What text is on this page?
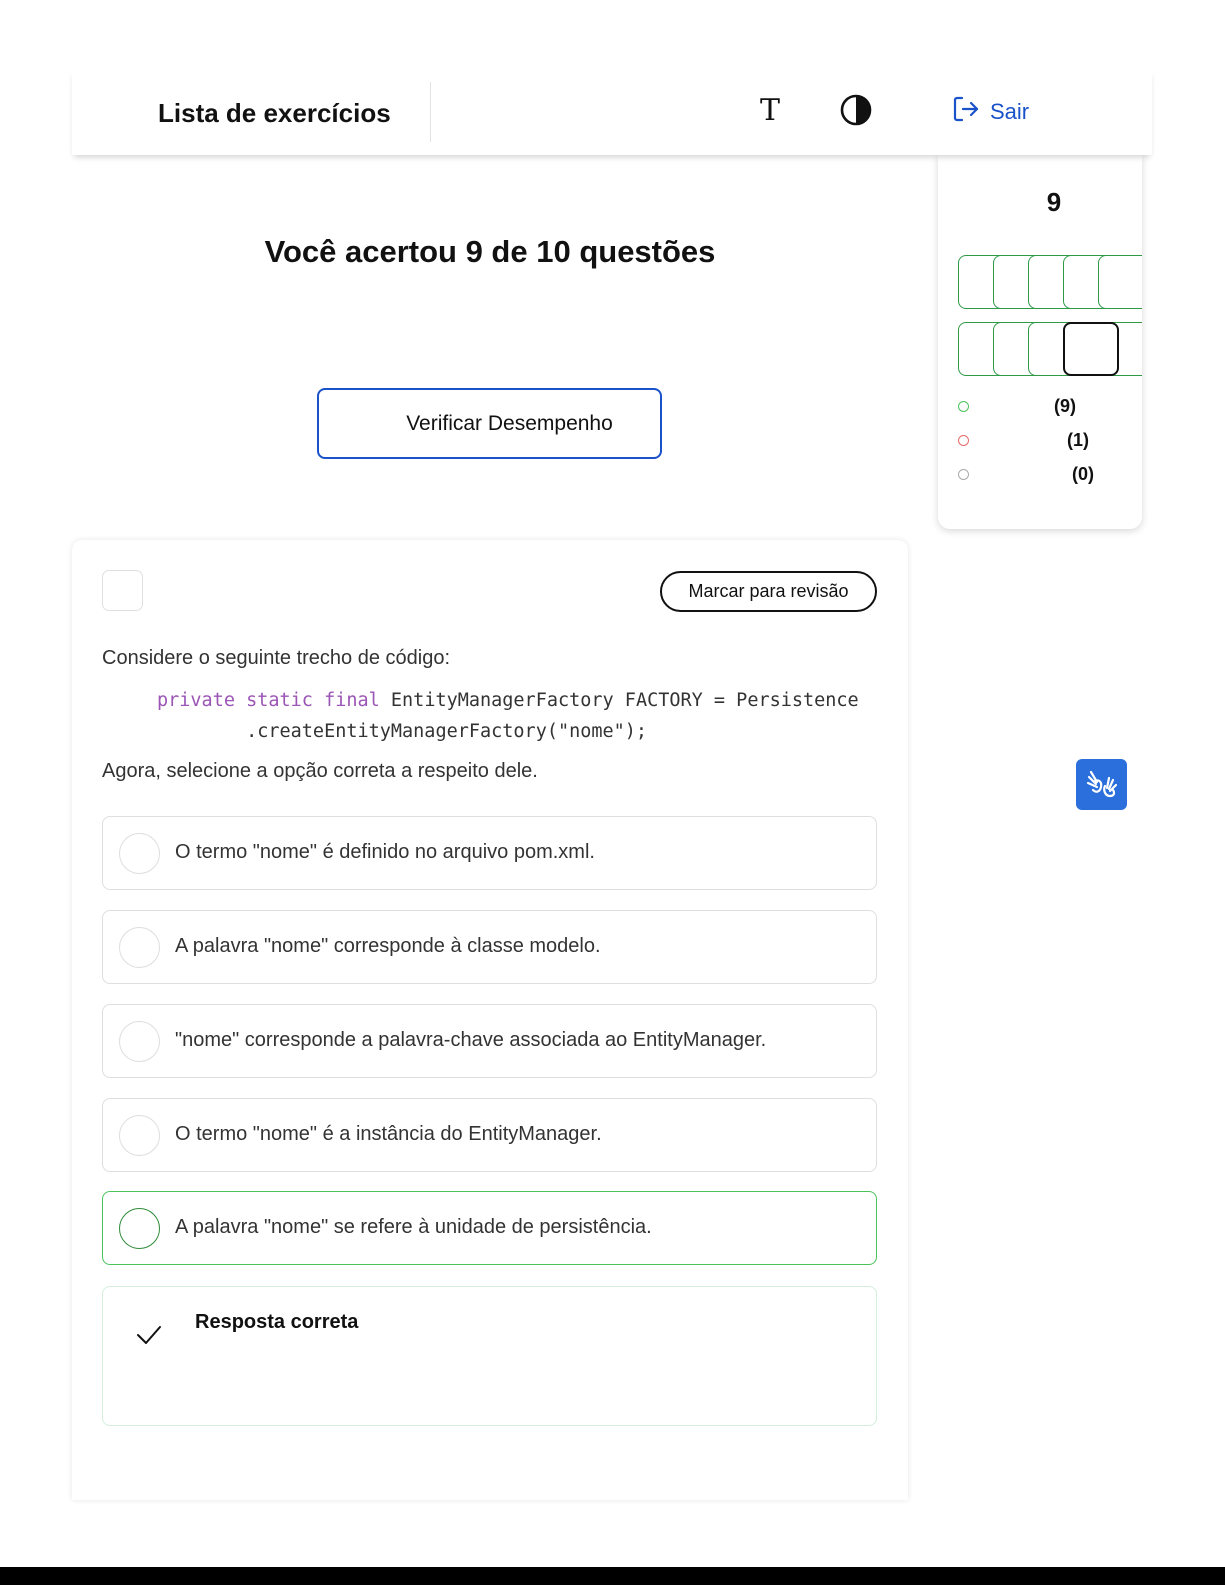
Lista de exercícios	T	Sair
Você acertou 9 de 10 questões
Verificar Desempenho
9
(9)
(1)
(0)
Marcar para revisão
Considere o seguinte trecho de código:
private static final EntityManagerFactory FACTORY = Persistence
.createEntityManagerFactory("nome");
Agora, selecione a opção correta a respeito dele.
O termo "nome" é definido no arquivo pom.xml.
A palavra "nome" corresponde à classe modelo.
"nome" corresponde a palavra-chave associada ao EntityManager.
O termo "nome" é a instância do EntityManager.
A palavra "nome" se refere à unidade de persistência.
Resposta correta
